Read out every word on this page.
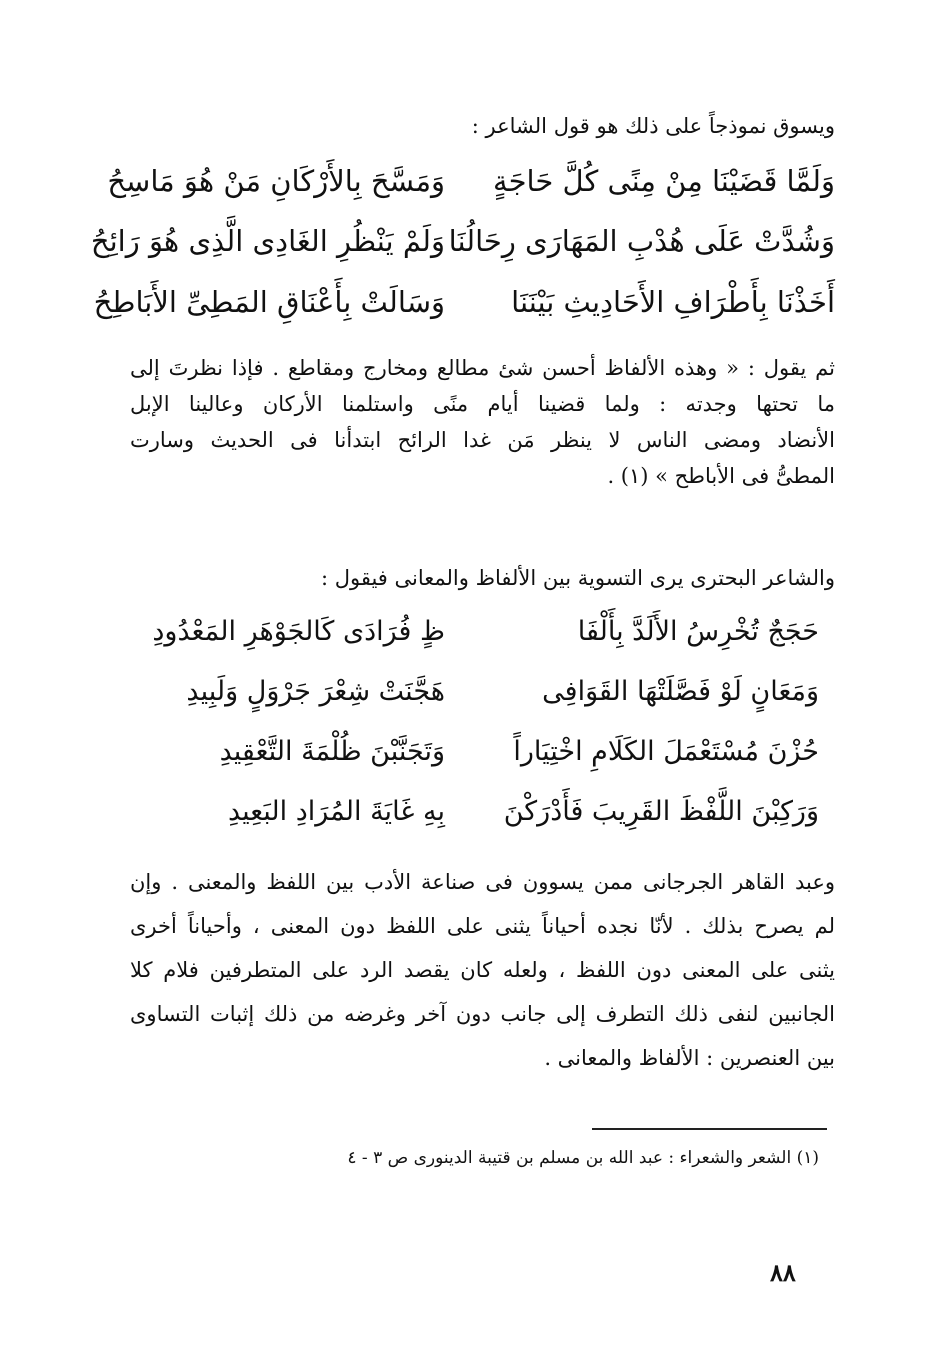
ويسوق نموذجاً على ذلك هو قول الشاعر :
وَلَمَّا قَضَيْنَا مِنْ مِنًى كُلَّ حَاجَةٍ
وَمَسَّحَ بِالأَرْكَانِ مَنْ هُوَ مَاسِحُ
وَشُدَّتْ عَلَى هُدْبِ المَهَارَى رِحَالُنَا
وَلَمْ يَنْظُرِ الغَادِى الَّذِى هُوَ رَائِحُ
أَخَذْنَا بِأَطْرَافِ الأَحَادِيثِ بَيْنَنَا
وَسَالَتْ بِأَعْنَاقِ المَطِىِّ الأَبَاطِحُ
ثم يقول : « وهذه الألفاظ أحسن شئ مطالع ومخارج ومقاطع . فإذا نظرتَ إلى
ما تحتها وجدته : ولما قضينا أيام منًى واستلمنا الأركان وعالينا الإبل
الأنضاد ومضى الناس لا ينظر مَن غدا الرائح ابتدأنا فى الحديث وسارت
المطىُّ فى الأباطح » (١) .
والشاعر البحترى يرى التسوية بين الألفاظ والمعانى فيقول :
حَجَجٌ تُخْرِسُ الأَلَدَّ بِأَلْفَا
ظٍ فُرَادَى كَالجَوْهَرِ المَعْدُودِ
وَمَعَانٍ لَوْ فَصَّلَتْهَا القَوَافِى
هَجَّنَتْ شِعْرَ جَرْوَلٍ وَلَبِيدِ
حُزْنَ مُسْتَعْمَلَ الكَلَامِ اخْتِيَاراً
وَتَجَنَّبْنَ ظُلْمَةَ التَّعْقِيدِ
وَرَكِبْنَ اللَّفْظَ القَرِيبَ فَأَدْرَكْنَ
بِهِ غَايَةَ المُرَادِ البَعِيدِ
وعبد القاهر الجرجانى ممن يسوون فى صناعة الأدب بين اللفظ والمعنى . وإن
لم يصرح بذلك . لأنّا نجده أحياناً يثنى على اللفظ دون المعنى ، وأحياناً أخرى
يثنى على المعنى دون اللفظ ، ولعله كان يقصد الرد على المتطرفين فلام كلا
الجانبين لنفى ذلك التطرف إلى جانب دون آخر وغرضه من ذلك إثبات التساوى
بين العنصرين : الألفاظ والمعانى .
(١) الشعر والشعراء : عبد الله بن مسلم بن قتيبة الدينورى ص ٣ - ٤
٨٨
